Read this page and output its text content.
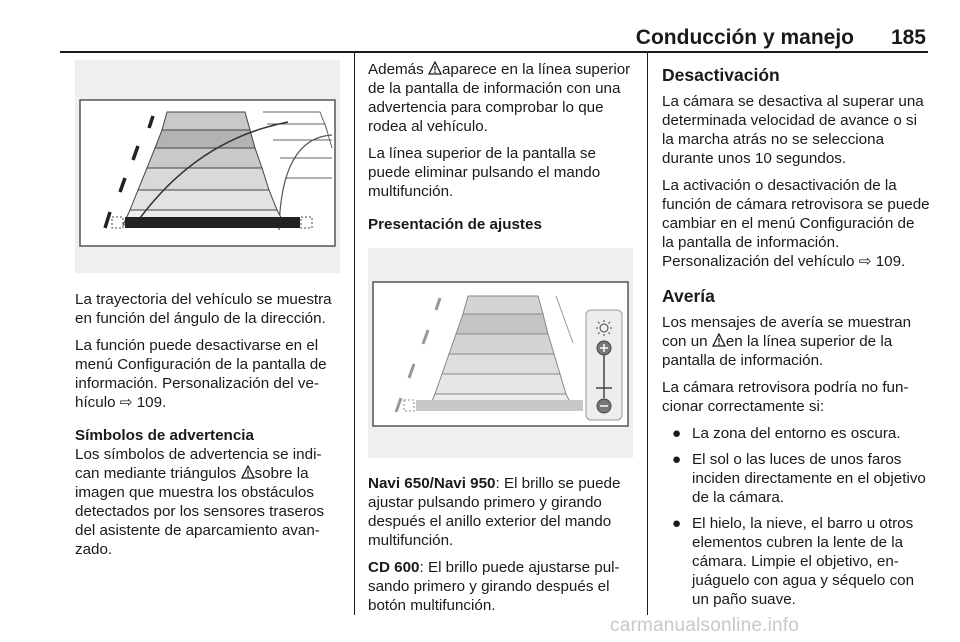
Conducción y manejo 185

La trayectoria del vehículo se muestra en función del ángulo de la dirección.

La función puede desactivarse en el menú Configuración de la pantalla de información. Personalización del vehículo ⇨ 109.

Símbolos de advertencia

Los símbolos de advertencia se indican mediante triángulos sobre la imagen que muestra los obstáculos detectados por los sensores traseros del asistente de aparcamiento avanzado.

Además aparece en la línea superior de la pantalla de información con una advertencia para comprobar lo que rodea al vehículo.

La línea superior de la pantalla se puede eliminar pulsando el mando multifunción.

Presentación de ajustes

Navi 650/Navi 950: El brillo se puede ajustar pulsando primero y girando después el anillo exterior del mando multifunción.

CD 600: El brillo puede ajustarse pulsando primero y girando después el botón multifunción.

Desactivación

La cámara se desactiva al superar una determinada velocidad de avance o si la marcha atrás no se selecciona durante unos 10 segundos.

La activación o desactivación de la función de cámara retrovisora se puede cambiar en el menú Configuración de la pantalla de información. Personalización del vehículo ⇨ 109.

Avería

Los mensajes de avería se muestran con un en la línea superior de la pantalla de información.

La cámara retrovisora podría no funcionar correctamente si:

● La zona del entorno es oscura.
● El sol o las luces de unos faros inciden directamente en el objetivo de la cámara.
● El hielo, la nieve, el barro u otros elementos cubren la lente de la cámara. Limpie el objetivo, enjuáguelo con agua y séquelo con un paño suave.
carmanualsonline.info
